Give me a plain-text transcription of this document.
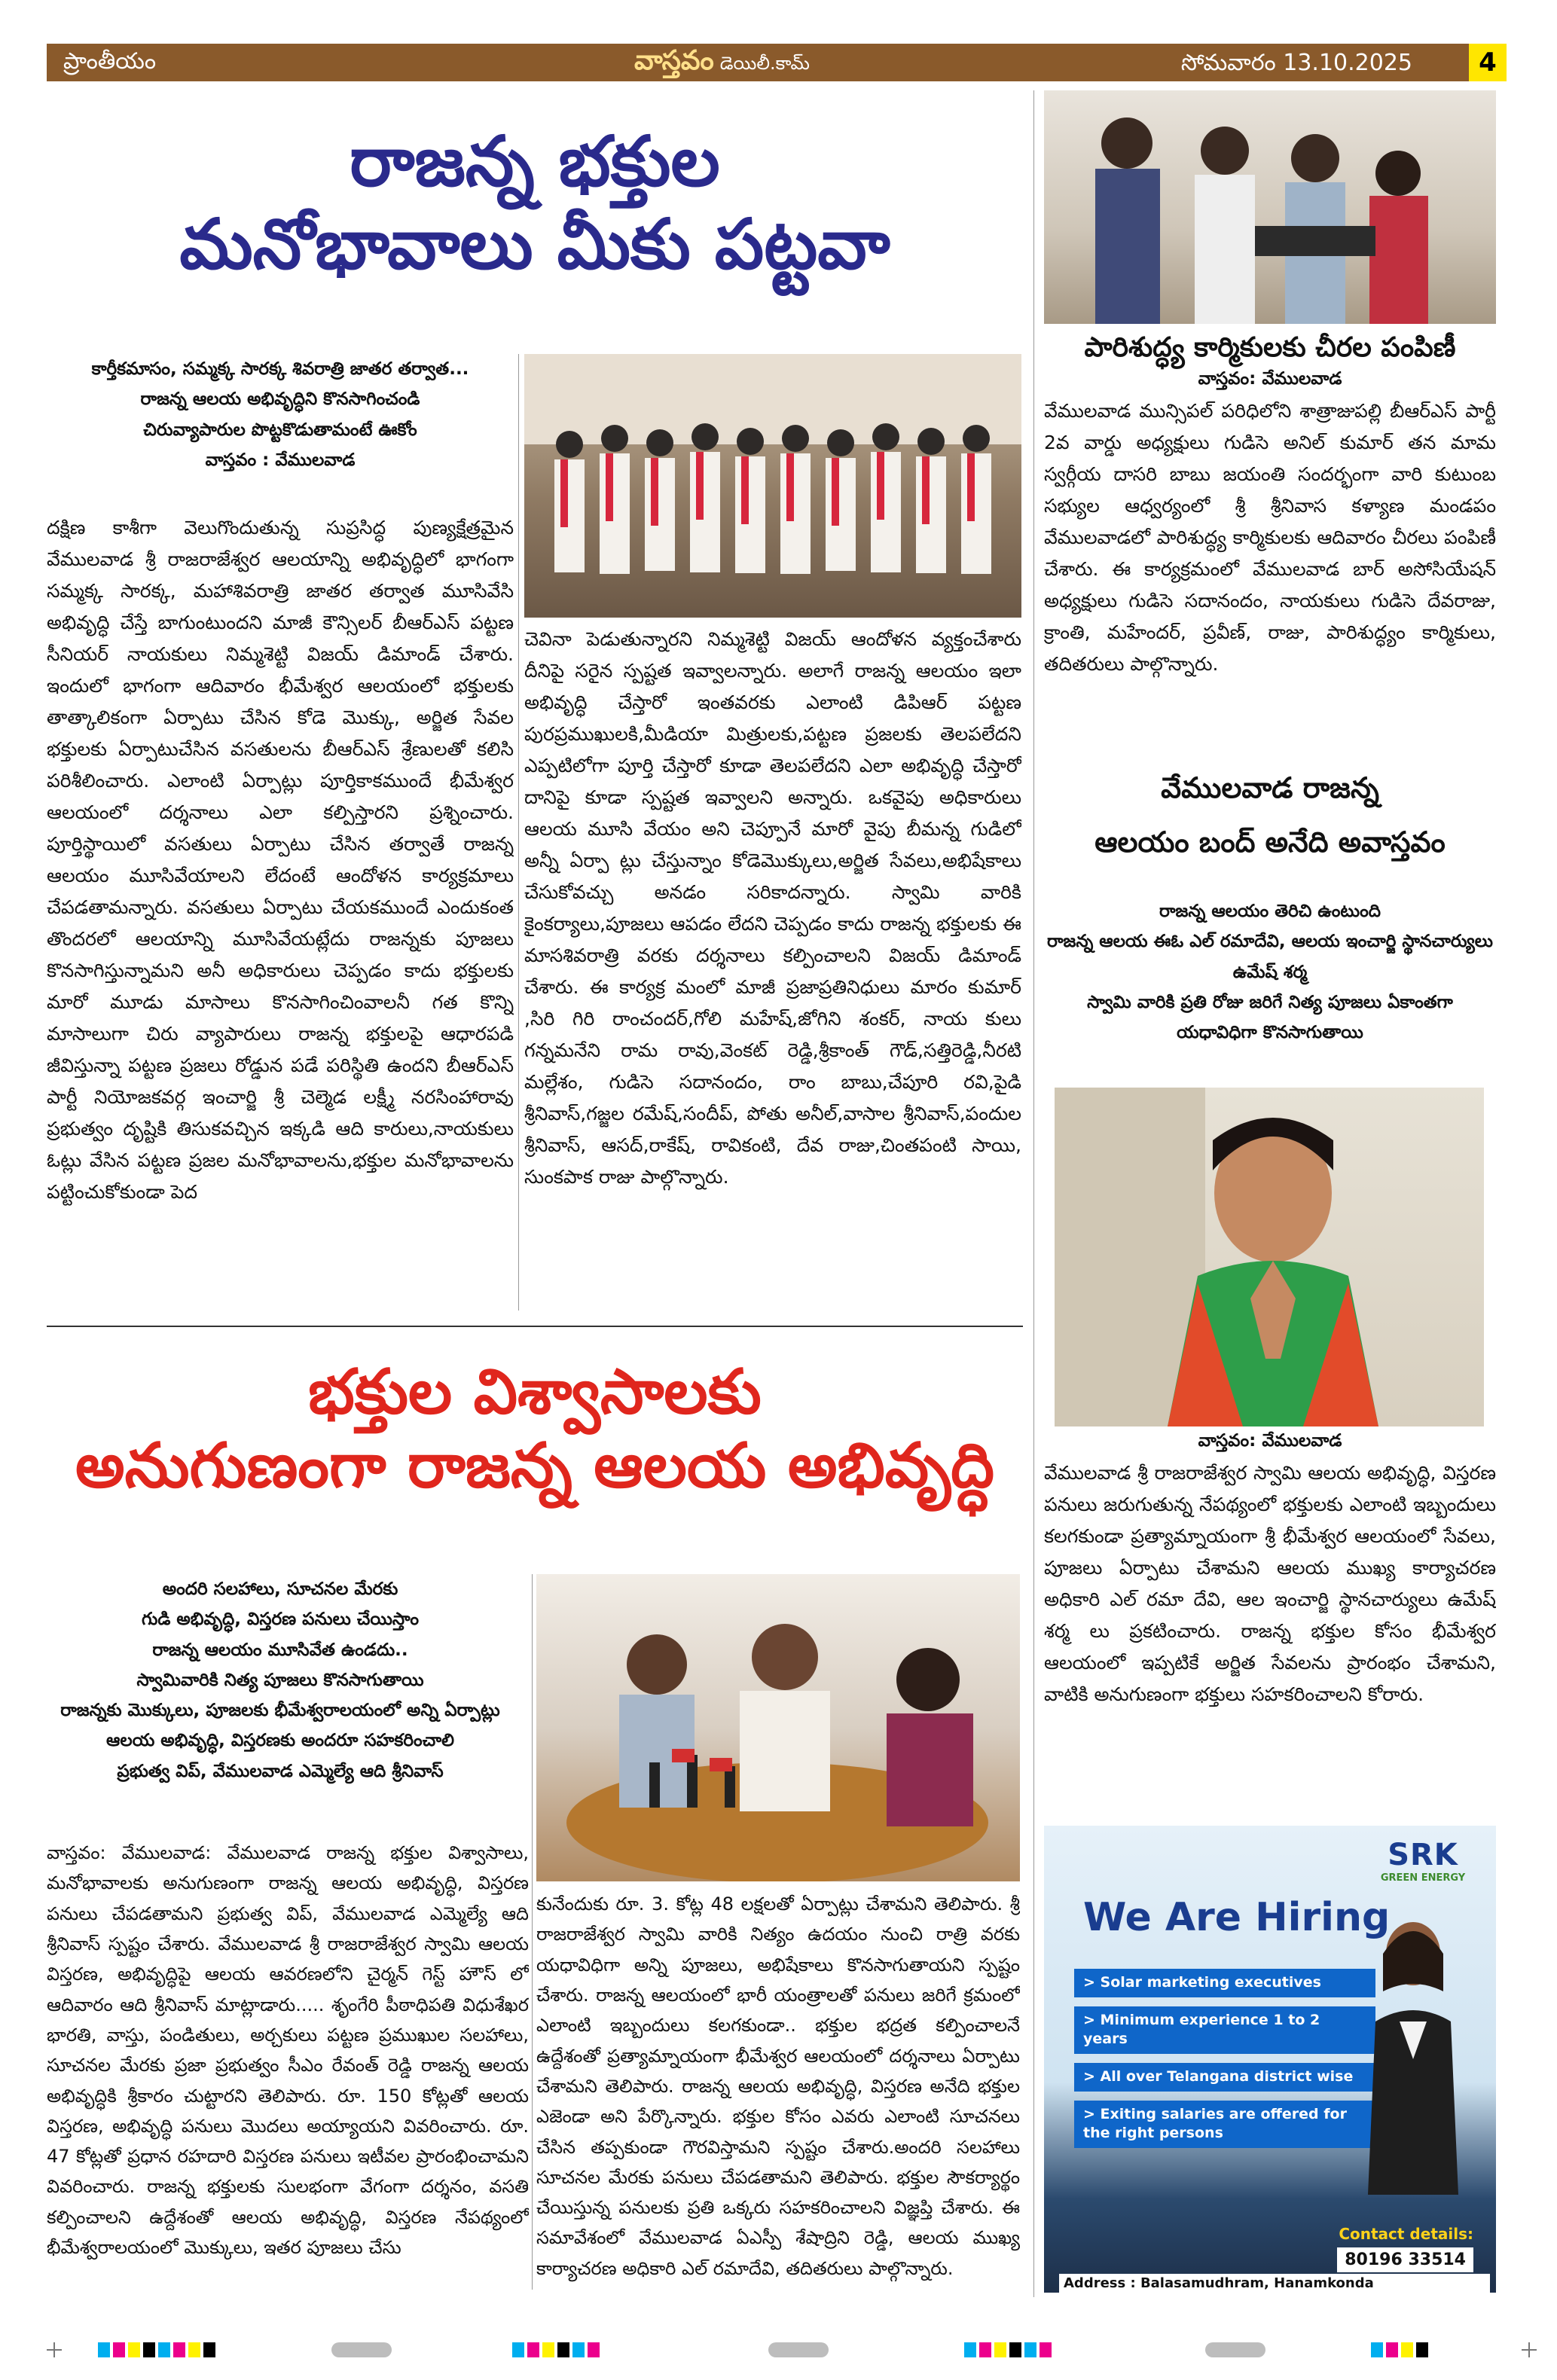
ప్రాంతీయం	వాస్తవం డెయిలీ.కామ్	సోమవారం 13.10.2025	4
రాజన్న భక్తుల
మనోభావాలు మీకు పట్టవా
కార్తీకమాసం, సమ్మక్క సారక్క శివరాత్రి జాతర తర్వాత...
రాజన్న ఆలయ అభివృద్ధిని కొనసాగించండి
చిరువ్యాపారుల పొట్టకొడుతామంటే ఊకోం
వాస్తవం : వేములవాడ
దక్షిణ కాశీగా వెలుగొందుతున్న సుప్రసిద్ధ పుణ్యక్షేత్రమైన వేములవాడ శ్రీ రాజరాజేశ్వర ఆలయాన్ని అభివృద్ధిలో భాగంగా సమ్మక్క సారక్క, మహాశివరాత్రి జాతర తర్వాత మూసివేసి అభివృద్ధి చేస్తే బాగుంటుందని మాజీ కౌన్సిలర్ బీఆర్ఎస్ పట్టణ సీనియర్ నాయకులు నిమ్మశెట్టి విజయ్ డిమాండ్ చేశారు. ఇందులో భాగంగా ఆదివారం భీమేశ్వర ఆలయంలో భక్తులకు తాత్కాలికంగా ఏర్పాటు చేసిన కోడె మొక్కు, అర్జిత సేవల భక్తులకు ఏర్పాటుచేసిన వసతులను బీఆర్ఎస్ శ్రేణులతో కలిసి పరిశీలించారు. ఎలాంటి ఏర్పాట్లు పూర్తికాకముందే భీమేశ్వర ఆలయంలో దర్శనాలు ఎలా కల్పిస్తారని ప్రశ్నించారు. పూర్తిస్థాయిలో వసతులు ఏర్పాటు చేసిన తర్వాతే రాజన్న ఆలయం మూసివేయాలని లేదంటే ఆందోళన కార్యక్రమాలు చేపడతామన్నారు. వసతులు ఏర్పాటు చేయకముందే ఎందుకంత తొందరలో ఆలయాన్ని మూసివేయట్లేదు రాజన్నకు పూజలు కొనసాగిస్తున్నామని అనీ అధికారులు చెప్పడం కాదు భక్తులకు మారో మూడు మాసాలు కొనసాగించింవాలనీ గత కొన్ని మాసాలుగా చిరు వ్యాపారులు రాజన్న భక్తులపై ఆధారపడి జీవిస్తున్నా పట్టణ ప్రజలు రోడ్డున పడే పరిస్థితి ఉందని బీఆర్ఎస్ పార్టీ నియోజకవర్గ ఇంచార్జి శ్రీ చెల్మెడ లక్ష్మీ నరసింహారావు ప్రభుత్వం దృష్టికి తిసుకవచ్చిన ఇక్కడి ఆది కారులు,నాయకులు ఓట్లు వేసిన పట్టణ ప్రజల మనోభావాలను,భక్తుల మనోభావాలను పట్టించుకోకుండా పెద
చెవినా పెడుతున్నారని నిమ్మశెట్టి విజయ్ ఆందోళన వ్యక్తంచేశారు దీనిపై సరైన స్పష్టత ఇవ్వాలన్నారు. అలాగే రాజన్న ఆలయం ఇలా అభివృద్ధి చేస్తారో ఇంతవరకు ఎలాంటి డిపిఆర్ పట్టణ పురప్రముఖులకి,మీడియా మిత్రులకు,పట్టణ ప్రజలకు తెలపలేదని ఎప్పటిలోగా పూర్తి చేస్తారో కూడా తెలపలేదని ఎలా అభివృద్ధి చేస్తారో దానిపై కూడా స్పష్టత ఇవ్వాలని అన్నారు. ఒకవైపు అధికారులు ఆలయ మూసి వేయం అని చెప్పూనే మారో వైపు బీమన్న గుడిలో అన్నీ ఏర్పా ట్లు చేస్తున్నాం కోడెమొక్కులు,అర్జిత సేవలు,అభిషేకాలు చేసుకోవచ్చు అనడం సరికాదన్నారు. స్వామి వారికి కైంకర్యాలు,పూజలు ఆపడం లేదని చెప్పడం కాదు రాజన్న భక్తులకు ఈ మాసశివరాత్రి వరకు దర్శనాలు కల్పించాలని విజయ్ డిమాండ్ చేశారు. ఈ కార్యక్ర మంలో మాజీ ప్రజాప్రతినిధులు మారం కుమార్ ,సిరి గిరి రాంచందర్,గోలి మహేష్,జోగిని శంకర్, నాయ కులు గన్నమనేని రామ రావు,వెంకట్ రెడ్డి,శ్రీకాంత్ గౌడ్,సత్తిరెడ్డి,నీరటి మల్లేశం, గుడిసె సదానందం, రాం బాబు,చేపూరి రవి,పైడి శ్రీనివాస్,గజ్జల రమేష్,సందీప్, పోతు అనీల్,వాసాల శ్రీనివాస్,పందుల శ్రీనివాస్, ఆసద్,రాకేష్, రావికంటి, దేవ రాజు,చింతపంటి సాయి, సుంకపాక రాజు పాల్గొన్నారు.
భక్తుల విశ్వాసాలకు
అనుగుణంగా రాజన్న ఆలయ అభివృద్ధి
అందరి సలహాలు, సూచనల మేరకు
గుడి అభివృద్ధి, విస్తరణ పనులు చేయిస్తాం
రాజన్న ఆలయం మూసివేత ఉండదు..
స్వామివారికి నిత్య పూజలు కొనసాగుతాయి
రాజన్నకు మొక్కులు, పూజలకు భీమేశ్వరాలయంలో అన్ని ఏర్పాట్లు
ఆలయ అభివృద్ధి, విస్తరణకు అందరూ సహకరించాలి
ప్రభుత్వ విప్, వేములవాడ ఎమ్మెల్యే ఆది శ్రీనివాస్
వాస్తవం: వేములవాడ: వేములవాడ రాజన్న భక్తుల విశ్వాసాలు, మనోభావాలకు అనుగుణంగా రాజన్న ఆలయ అభివృద్ధి, విస్తరణ పనులు చేపడతామని ప్రభుత్వ విప్, వేములవాడ ఎమ్మెల్యే ఆది శ్రీనివాస్ స్పష్టం చేశారు. వేములవాడ శ్రీ రాజరాజేశ్వర స్వామి ఆలయ విస్తరణ, అభివృద్ధిపై ఆలయ ఆవరణలోని చైర్మన్ గెస్ట్ హౌస్ లో ఆదివారం ఆది శ్రీనివాస్ మాట్లాడారు..... శృంగేరి పీఠాధిపతి విధుశేఖర భారతి, వాస్తు, పండితులు, అర్చకులు పట్టణ ప్రముఖుల సలహాలు, సూచనల మేరకు ప్రజా ప్రభుత్వం సీఎం రేవంత్ రెడ్డి రాజన్న ఆలయ అభివృద్ధికి శ్రీకారం చుట్టారని తెలిపారు. రూ. 150 కోట్లతో ఆలయ విస్తరణ, అభివృద్ధి పనులు మొదలు అయ్యాయని వివరించారు. రూ. 47 కోట్లతో ప్రధాన రహదారి విస్తరణ పనులు ఇటీవల ప్రారంభించామని వివరించారు. రాజన్న భక్తులకు సులభంగా వేగంగా దర్శనం, వసతి కల్పించాలని ఉద్దేశంతో ఆలయ అభివృద్ధి, విస్తరణ నేపథ్యంలో భీమేశ్వరాలయంలో మొక్కులు, ఇతర పూజలు చేసు
కునేందుకు రూ. 3. కోట్ల 48 లక్షలతో ఏర్పాట్లు చేశామని తెలిపారు. శ్రీ రాజరాజేశ్వర స్వామి వారికి నిత్యం ఉదయం నుంచి రాత్రి వరకు యధావిధిగా అన్ని పూజలు, అభిషేకాలు కొనసాగుతాయని స్పష్టం చేశారు. రాజన్న ఆలయంలో భారీ యంత్రాలతో పనులు జరిగే క్రమంలో ఎలాంటి ఇబ్బందులు కలగకుండా.. భక్తుల భద్రత కల్పించాలనే ఉద్దేశంతో ప్రత్యామ్నాయంగా భీమేశ్వర ఆలయంలో దర్శనాలు ఏర్పాటు చేశామని తెలిపారు. రాజన్న ఆలయ అభివృద్ధి, విస్తరణ అనేది భక్తుల ఎజెండా అని పేర్కొన్నారు. భక్తుల కోసం ఎవరు ఎలాంటి సూచనలు చేసిన తప్పకుండా గౌరవిస్తామని స్పష్టం చేశారు.అందరి సలహాలు సూచనల మేరకు పనులు చేపడతామని తెలిపారు. భక్తుల సౌకర్యార్థం చేయిస్తున్న పనులకు ప్రతి ఒక్కరు సహకరించాలని విజ్ఞప్తి చేశారు. ఈ సమావేశంలో వేములవాడ ఏఎస్పీ శేషాద్రిని రెడ్డి, ఆలయ ముఖ్య కార్యాచరణ అధికారి ఎల్ రమాదేవి, తదితరులు పాల్గొన్నారు.
పారిశుద్ధ్య కార్మికులకు చీరల పంపిణీ
వాస్తవం: వేములవాడ
వేములవాడ మున్సిపల్ పరిధిలోని శాత్రాజుపల్లి బీఆర్ఎస్ పార్టీ 2వ వార్డు అధ్యక్షులు గుడిసె అనిల్ కుమార్ తన మామ స్వర్గీయ దాసరి బాబు జయంతి సందర్భంగా వారి కుటుంబ సభ్యుల ఆధ్వర్యంలో శ్రీ శ్రీనివాస కళ్యాణ మండపం వేములవాడలో పారిశుద్ధ్య కార్మికులకు ఆదివారం చీరలు పంపిణీ చేశారు. ఈ కార్యక్రమంలో వేములవాడ బార్ అసోసియేషన్ అధ్యక్షులు గుడిసె సదానందం, నాయకులు గుడిసె దేవరాజు, క్రాంతి, మహేందర్, ప్రవీణ్, రాజు, పారిశుద్ధ్యం కార్మికులు, తదితరులు పాల్గొన్నారు.
వేములవాడ రాజన్న
ఆలయం బంద్ అనేది అవాస్తవం
రాజన్న ఆలయం తెరిచి ఉంటుంది
రాజన్న ఆలయ ఈఓ ఎల్ రమాదేవి, ఆలయ ఇంచార్జి స్థానచార్యులు ఉమేష్ శర్మ
స్వామి వారికి ప్రతి రోజు జరిగే నిత్య పూజలు ఏకాంతగా యధావిధిగా కొనసాగుతాయి
వాస్తవం: వేములవాడ
వేములవాడ శ్రీ రాజరాజేశ్వర స్వామి ఆలయ అభివృద్ధి, విస్తరణ పనులు జరుగుతున్న నేపథ్యంలో భక్తులకు ఎలాంటి ఇబ్బందులు కలగకుండా ప్రత్యామ్నాయంగా శ్రీ భీమేశ్వర ఆలయంలో సేవలు, పూజలు ఏర్పాటు చేశామని ఆలయ ముఖ్య కార్యాచరణ అధికారి ఎల్ రమా దేవి, ఆల ఇంచార్జి స్థానచార్యులు ఉమేష్ శర్మ లు ప్రకటించారు. రాజన్న భక్తుల కోసం భీమేశ్వర ఆలయంలో ఇప్పటికే అర్జిత సేవలను ప్రారంభం చేశామని, వాటికి అనుగుణంగా భక్తులు సహకరించాలని కోరారు.
SRK
GREEN ENERGY
We Are Hiring
> Solar marketing executives
> Minimum experience 1 to 2 years
> All over Telangana district wise
> Exiting salaries are offered for the right persons
Contact details:
80196 33514
Address : Balasamudhram, Hanamkonda
